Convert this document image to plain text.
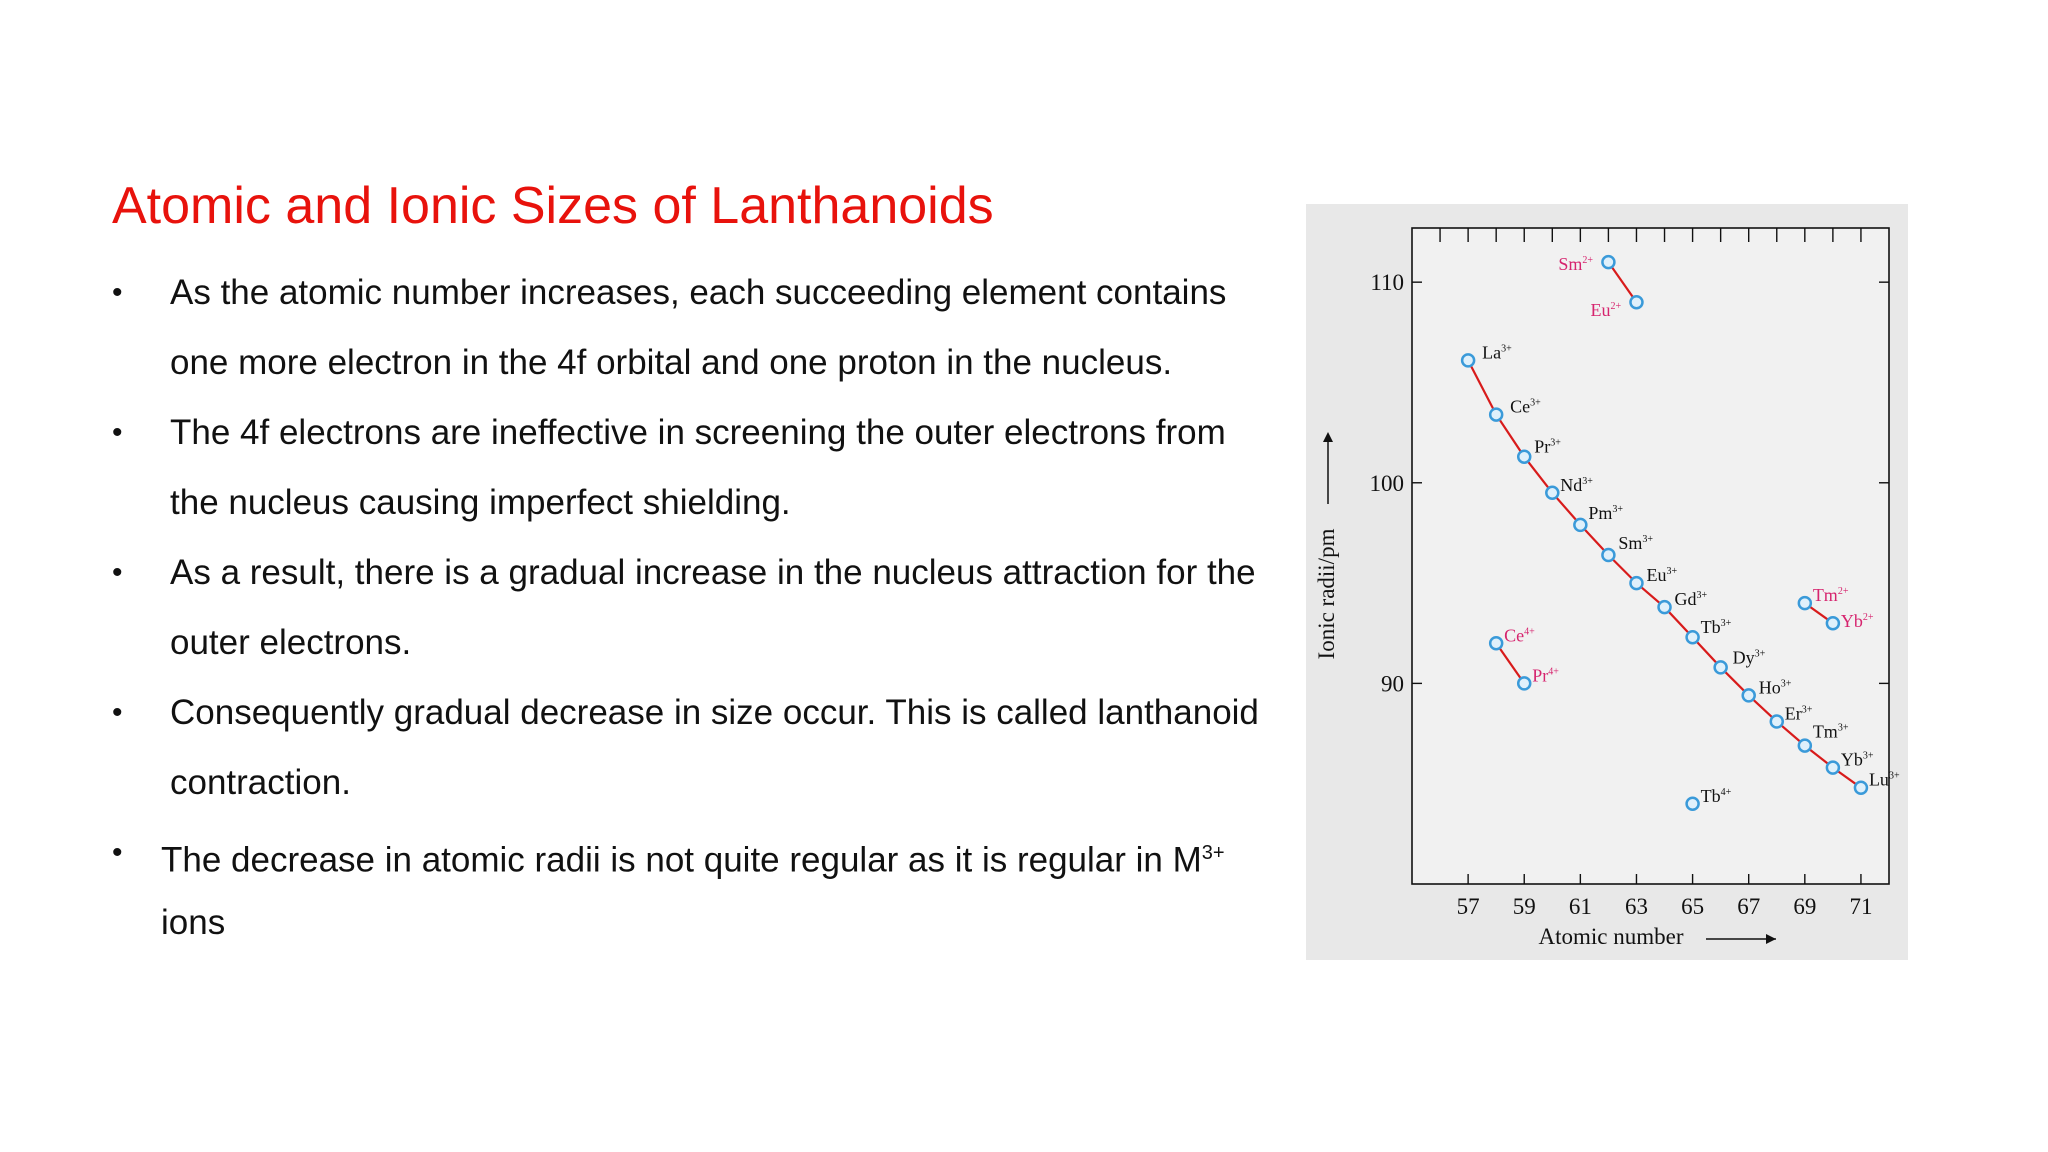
Atomic and Ionic Sizes of Lanthanoids
• As the atomic number increases, each succeeding element contains
one more electron in the 4f orbital and one proton in the nucleus.
• The 4f electrons are ineffective in screening the outer electrons from
the nucleus causing imperfect shielding.
• As a result, there is a gradual increase in the nucleus attraction for the
outer electrons.
• Consequently gradual decrease in size occur. This is called lanthanoid
contraction.
• The decrease in atomic radii is not quite regular as it is regular in $M^{3+}$
ions	57 59 61 63 65 67 69 71
90
100
110
Atomic number
Ionic radii/pm
$La^{3+}$
$Ce^{3+}$
$Pr^{3+}$
$Nd^{3+}$
$Pm^{3+}$
$Sm^{3+}$
$Eu^{3+}$
$Gd^{3+}$
$Tb^{3+}$
$Dy^{3+}$
$Ho^{3+}$
$Er^{3+}$
$Tm^{3+}$
$Yb^{3+}$
$Lu^{3+}$
$Sm^{2+}$
$Eu^{2+}$
$Tm^{2+}$
$Yb^{2+}$
$Ce^{4+}$
$Pr^{4+}$
$Tb^{4+}$
